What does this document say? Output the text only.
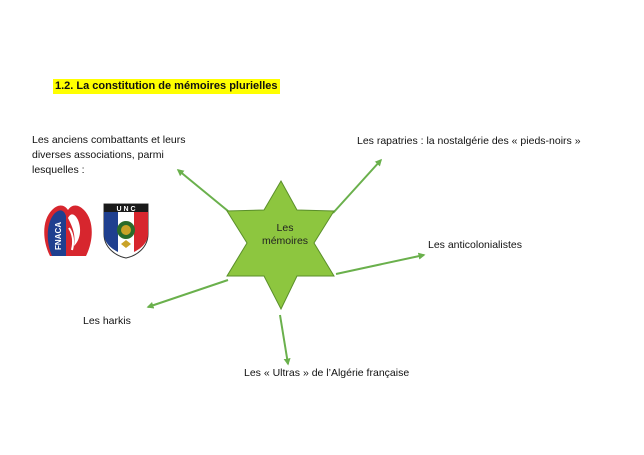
1.2. La constitution de mémoires plurielles
Les
mémoires
Les anciens combattants et leurs
diverses associations, parmi
lesquelles :
Les rapatries : la nostalgérie des « pieds-noirs »
Les anticolonialistes
Les harkis
Les « Ultras » de l’Algérie française
FNACA
U N C
